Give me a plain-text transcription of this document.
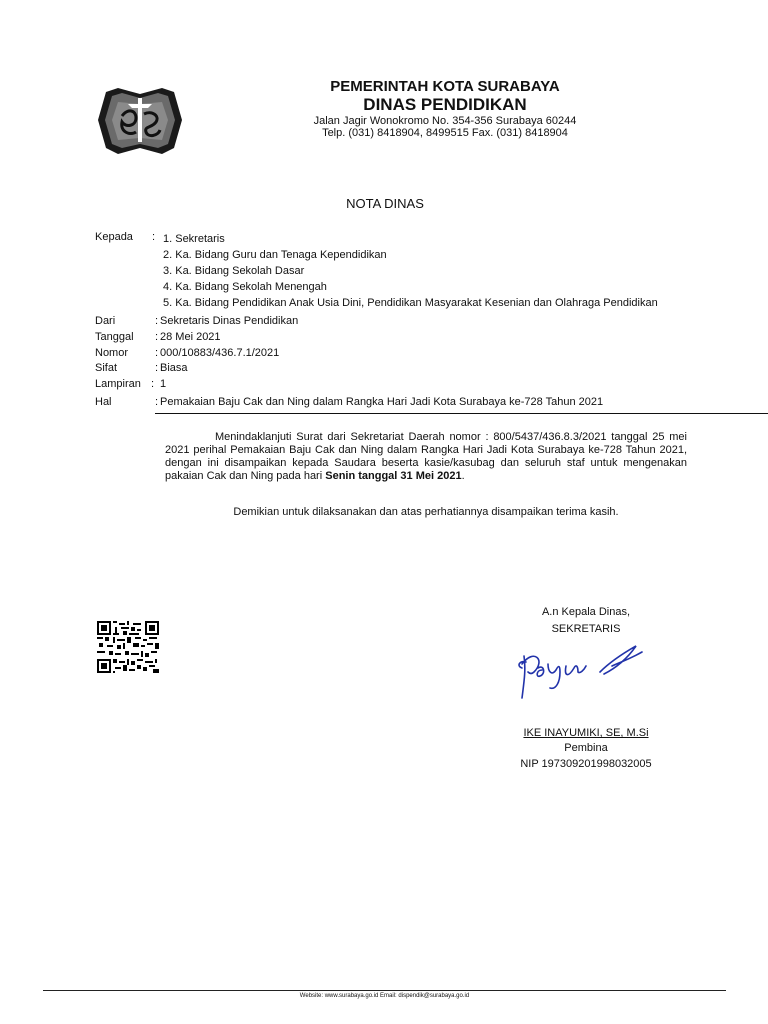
PEMERINTAH KOTA SURABAYA
DINAS PENDIDIKAN
Jalan Jagir Wonokromo No. 354-356 Surabaya 60244
Telp. (031) 8418904, 8499515 Fax. (031) 8418904
NOTA DINAS
Kepada : 1. Sekretaris
2. Ka. Bidang Guru dan Tenaga Kependidikan
3. Ka. Bidang Sekolah Dasar
4. Ka. Bidang Sekolah Menengah
5. Ka. Bidang Pendidikan Anak Usia Dini, Pendidikan Masyarakat Kesenian dan Olahraga Pendidikan
Dari	: Sekretaris Dinas Pendidikan
Tanggal : 28 Mei 2021
Nomor : 000/10883/436.7.1/2021
Sifat	: Biasa
Lampiran : 1
Hal	: Pemakaian Baju Cak dan Ning dalam Rangka Hari Jadi Kota Surabaya ke-728 Tahun 2021
Menindaklanjuti Surat dari Sekretariat Daerah nomor : 800/5437/436.8.3/2021 tanggal 25 mei 2021 perihal Pemakaian Baju Cak dan Ning dalam Rangka Hari Jadi Kota Surabaya ke-728 Tahun 2021, dengan ini disampaikan kepada Saudara beserta kasie/kasubag dan seluruh staf untuk mengenakan pakaian Cak dan Ning pada hari Senin tanggal 31 Mei 2021.
Demikian untuk dilaksanakan dan atas perhatiannya disampaikan terima kasih.
A.n Kepala Dinas,
SEKRETARIS
IKE INAYUMIKI, SE, M.Si
Pembina
NIP 197309201998032005
Website: www.surabaya.go.id Email: dispendik@surabaya.go.id
